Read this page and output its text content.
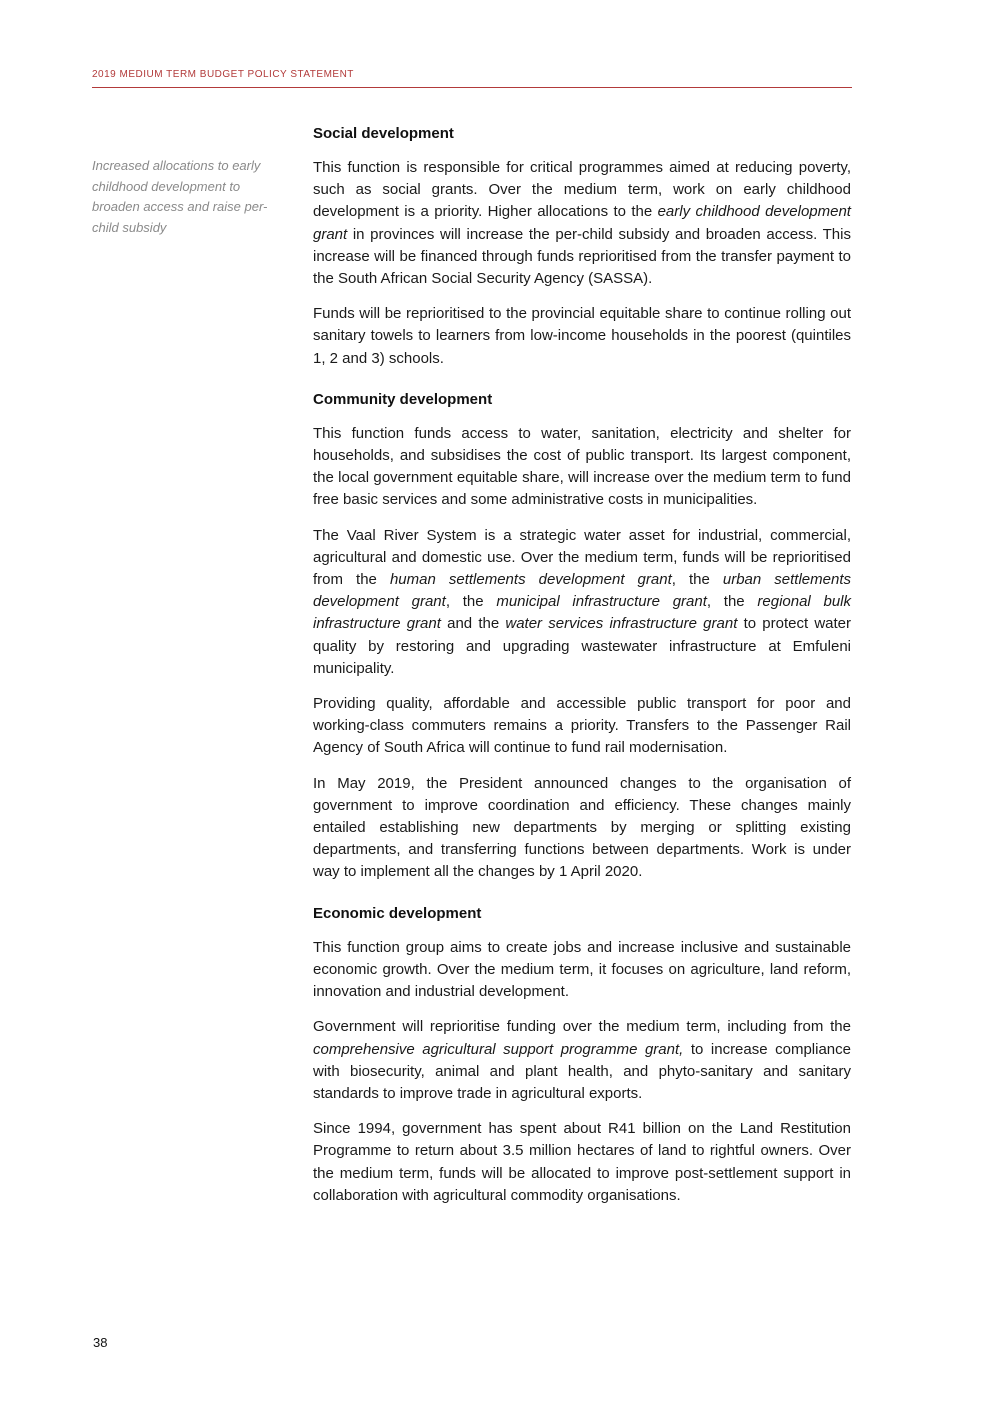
2019 MEDIUM TERM BUDGET POLICY STATEMENT
Increased allocations to early childhood development to broaden access and raise per-child subsidy
Social development

This function is responsible for critical programmes aimed at reducing poverty, such as social grants. Over the medium term, work on early childhood development is a priority. Higher allocations to the early childhood development grant in provinces will increase the per-child subsidy and broaden access. This increase will be financed through funds reprioritised from the transfer payment to the South African Social Security Agency (SASSA).

Funds will be reprioritised to the provincial equitable share to continue rolling out sanitary towels to learners from low-income households in the poorest (quintiles 1, 2 and 3) schools.

Community development

This function funds access to water, sanitation, electricity and shelter for households, and subsidises the cost of public transport. Its largest component, the local government equitable share, will increase over the medium term to fund free basic services and some administrative costs in municipalities.

The Vaal River System is a strategic water asset for industrial, commercial, agricultural and domestic use. Over the medium term, funds will be reprioritised from the human settlements development grant, the urban settlements development grant, the municipal infrastructure grant, the regional bulk infrastructure grant and the water services infrastructure grant to protect water quality by restoring and upgrading wastewater infrastructure at Emfuleni municipality.

Providing quality, affordable and accessible public transport for poor and working-class commuters remains a priority. Transfers to the Passenger Rail Agency of South Africa will continue to fund rail modernisation.

In May 2019, the President announced changes to the organisation of government to improve coordination and efficiency. These changes mainly entailed establishing new departments by merging or splitting existing departments, and transferring functions between departments. Work is under way to implement all the changes by 1 April 2020.

Economic development

This function group aims to create jobs and increase inclusive and sustainable economic growth. Over the medium term, it focuses on agriculture, land reform, innovation and industrial development.

Government will reprioritise funding over the medium term, including from the comprehensive agricultural support programme grant, to increase compliance with biosecurity, animal and plant health, and phyto-sanitary and sanitary standards to improve trade in agricultural exports.

Since 1994, government has spent about R41 billion on the Land Restitution Programme to return about 3.5 million hectares of land to rightful owners. Over the medium term, funds will be allocated to improve post-settlement support in collaboration with agricultural commodity organisations.

38
